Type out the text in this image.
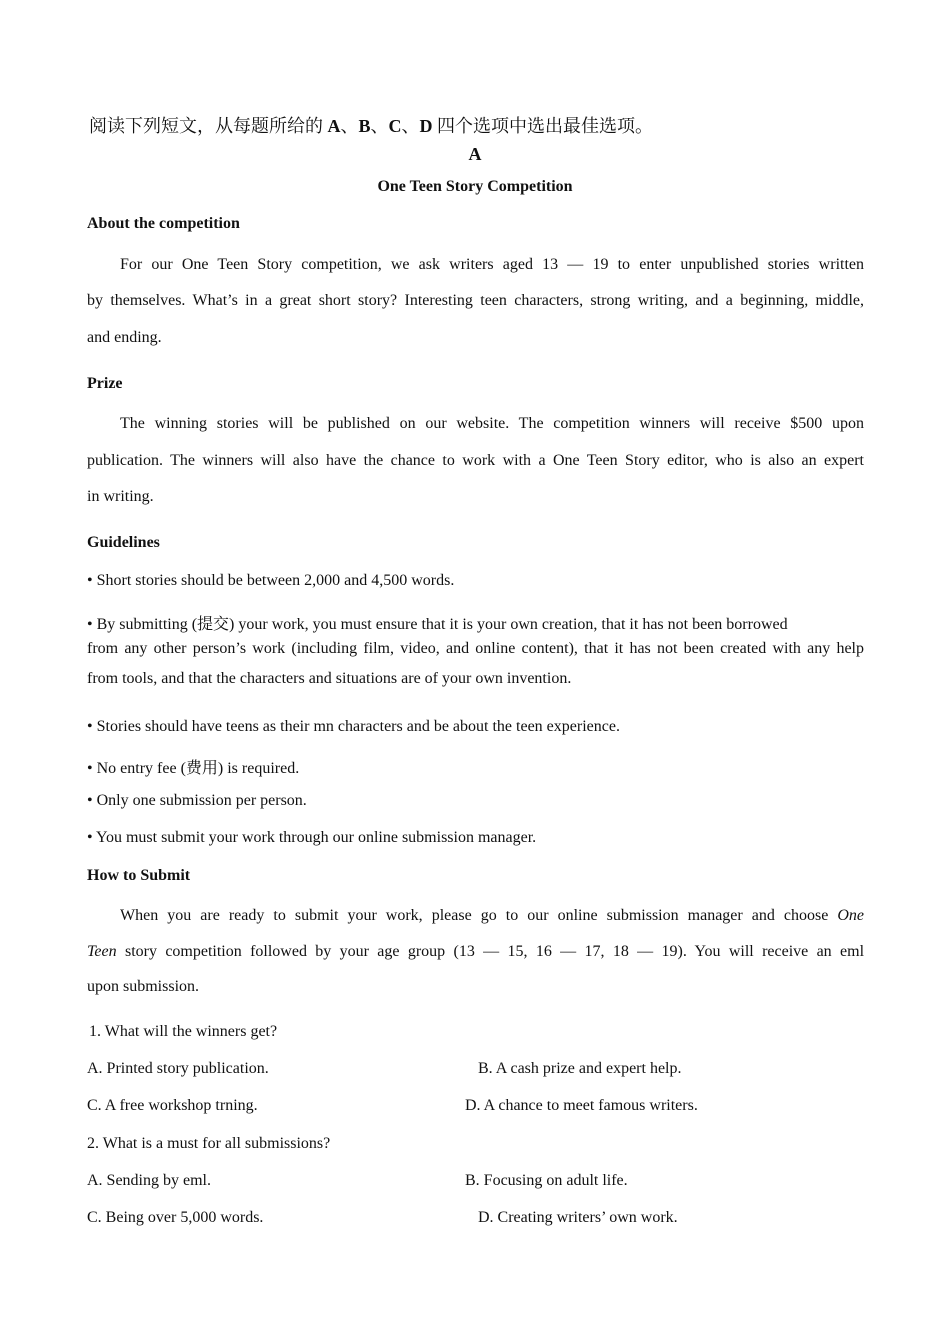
阅读下列短文，从每题所给的 A、B、C、D 四个选项中选出最佳选项。
A
One Teen Story Competition
About the competition
For our One Teen Story competition, we ask writers aged 13 — 19 to enter unpublished stories written
by themselves. What’s in a great short story? Interesting teen characters, strong writing, and a beginning, middle,
and ending.
Prize
The winning stories will be published on our website. The competition winners will receive $500 upon
publication. The winners will also have the chance to work with a One Teen Story editor, who is also an expert
in writing.
Guidelines
• Short stories should be between 2,000 and 4,500 words.
• By submitting (提交) your work, you must ensure that it is your own creation, that it has not been borrowed
from any other person’s work (including film, video, and online content), that it has not been created with any help
from tools, and that the characters and situations are of your own invention.
• Stories should have teens as their mn characters and be about the teen experience.
• No entry fee (费用) is required.
• Only one submission per person.
• You must submit your work through our online submission manager.
How to Submit
When you are ready to submit your work, please go to our online submission manager and choose One
Teen story competition followed by your age group (13 — 15, 16 — 17, 18 — 19). You will receive an eml
upon submission.
1. What will the winners get?
A. Printed story publication.	B. A cash prize and expert help.
C. A free workshop trning.	D. A chance to meet famous writers.
2. What is a must for all submissions?
A. Sending by eml.	B. Focusing on adult life.
C. Being over 5,000 words.	D. Creating writers’ own work.
